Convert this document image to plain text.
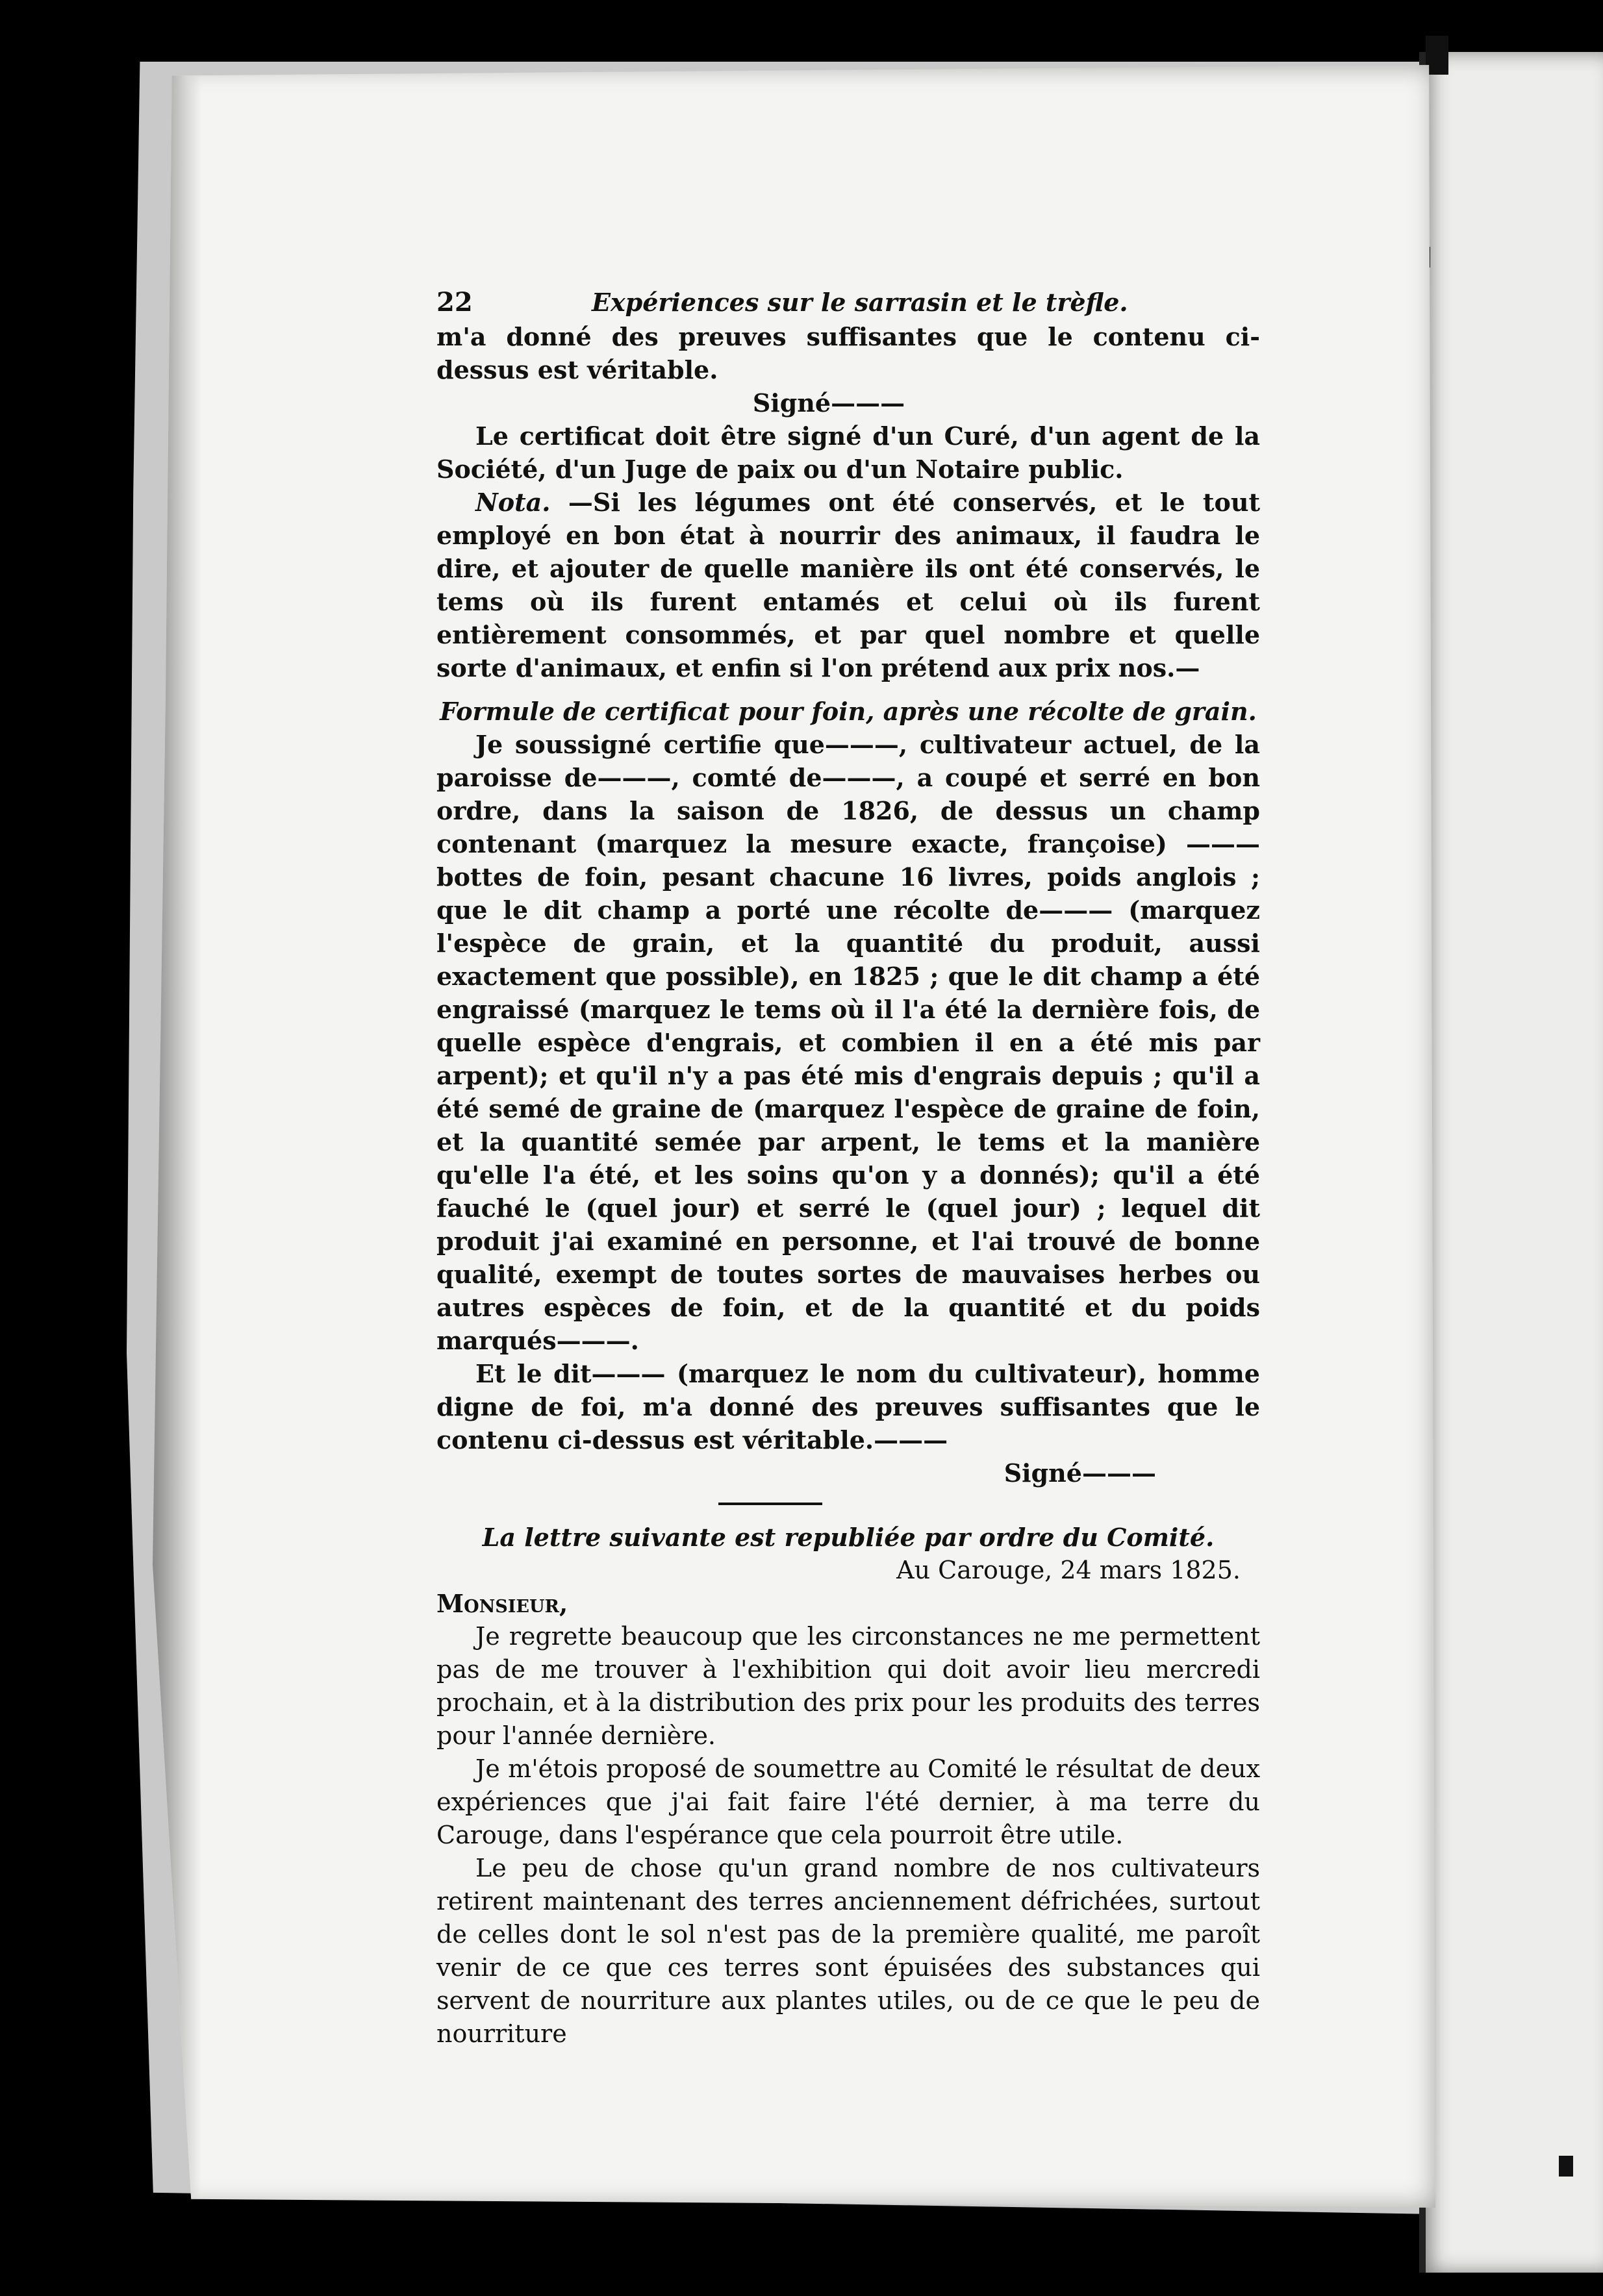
22	Expériences sur le sarrasin et le trèfle.

m'a donné des preuves suffisantes que le contenu ci-dessus est véritable.

Signé———

Le certificat doit être signé d'un Curé, d'un agent de la Société, d'un Juge de paix ou d'un Notaire public.

Nota. —Si les légumes ont été conservés, et le tout employé en bon état à nourrir des animaux, il faudra le dire, et ajouter de quelle manière ils ont été conservés, le tems où ils furent entamés et celui où ils furent entièrement consommés, et par quel nombre et quelle sorte d'animaux, et enfin si l'on prétend aux prix nos.—

Formule de certificat pour foin, après une récolte de grain.

Je soussigné certifie que———, cultivateur actuel, de la paroisse de———, comté de———, a coupé et serré en bon ordre, dans la saison de 1826, de dessus un champ contenant (marquez la mesure exacte, françoise) ——— bottes de foin, pesant chacune 16 livres, poids anglois ; que le dit champ a porté une récolte de——— (marquez l'espèce de grain, et la quantité du produit, aussi exactement que possible), en 1825 ; que le dit champ a été engraissé (marquez le tems où il l'a été la dernière fois, de quelle espèce d'engrais, et combien il en a été mis par arpent); et qu'il n'y a pas été mis d'engrais depuis ; qu'il a été semé de graine de (marquez l'espèce de graine de foin, et la quantité semée par arpent, le tems et la manière qu'elle l'a été, et les soins qu'on y a donnés); qu'il a été fauché le (quel jour) et serré le (quel jour) ; lequel dit produit j'ai examiné en personne, et l'ai trouvé de bonne qualité, exempt de toutes sortes de mauvaises herbes ou autres espèces de foin, et de la quantité et du poids marqués———.

Et le dit——— (marquez le nom du cultivateur), homme digne de foi, m'a donné des preuves suffisantes que le contenu ci-dessus est véritable.———

Signé———

La lettre suivante est republiée par ordre du Comité.

Au Carouge, 24 mars 1825.

Monsieur,

Je regrette beaucoup que les circonstances ne me permettent pas de me trouver à l'exhibition qui doit avoir lieu mercredi prochain, et à la distribution des prix pour les produits des terres pour l'année dernière.

Je m'étois proposé de soumettre au Comité le résultat de deux expériences que j'ai fait faire l'été dernier, à ma terre du Carouge, dans l'espérance que cela pourroit être utile.

Le peu de chose qu'un grand nombre de nos cultivateurs retirent maintenant des terres anciennement défrichées, surtout de celles dont le sol n'est pas de la première qualité, me paroît venir de ce que ces terres sont épuisées des substances qui servent de nourriture aux plantes utiles, ou de ce que le peu de nourriture
